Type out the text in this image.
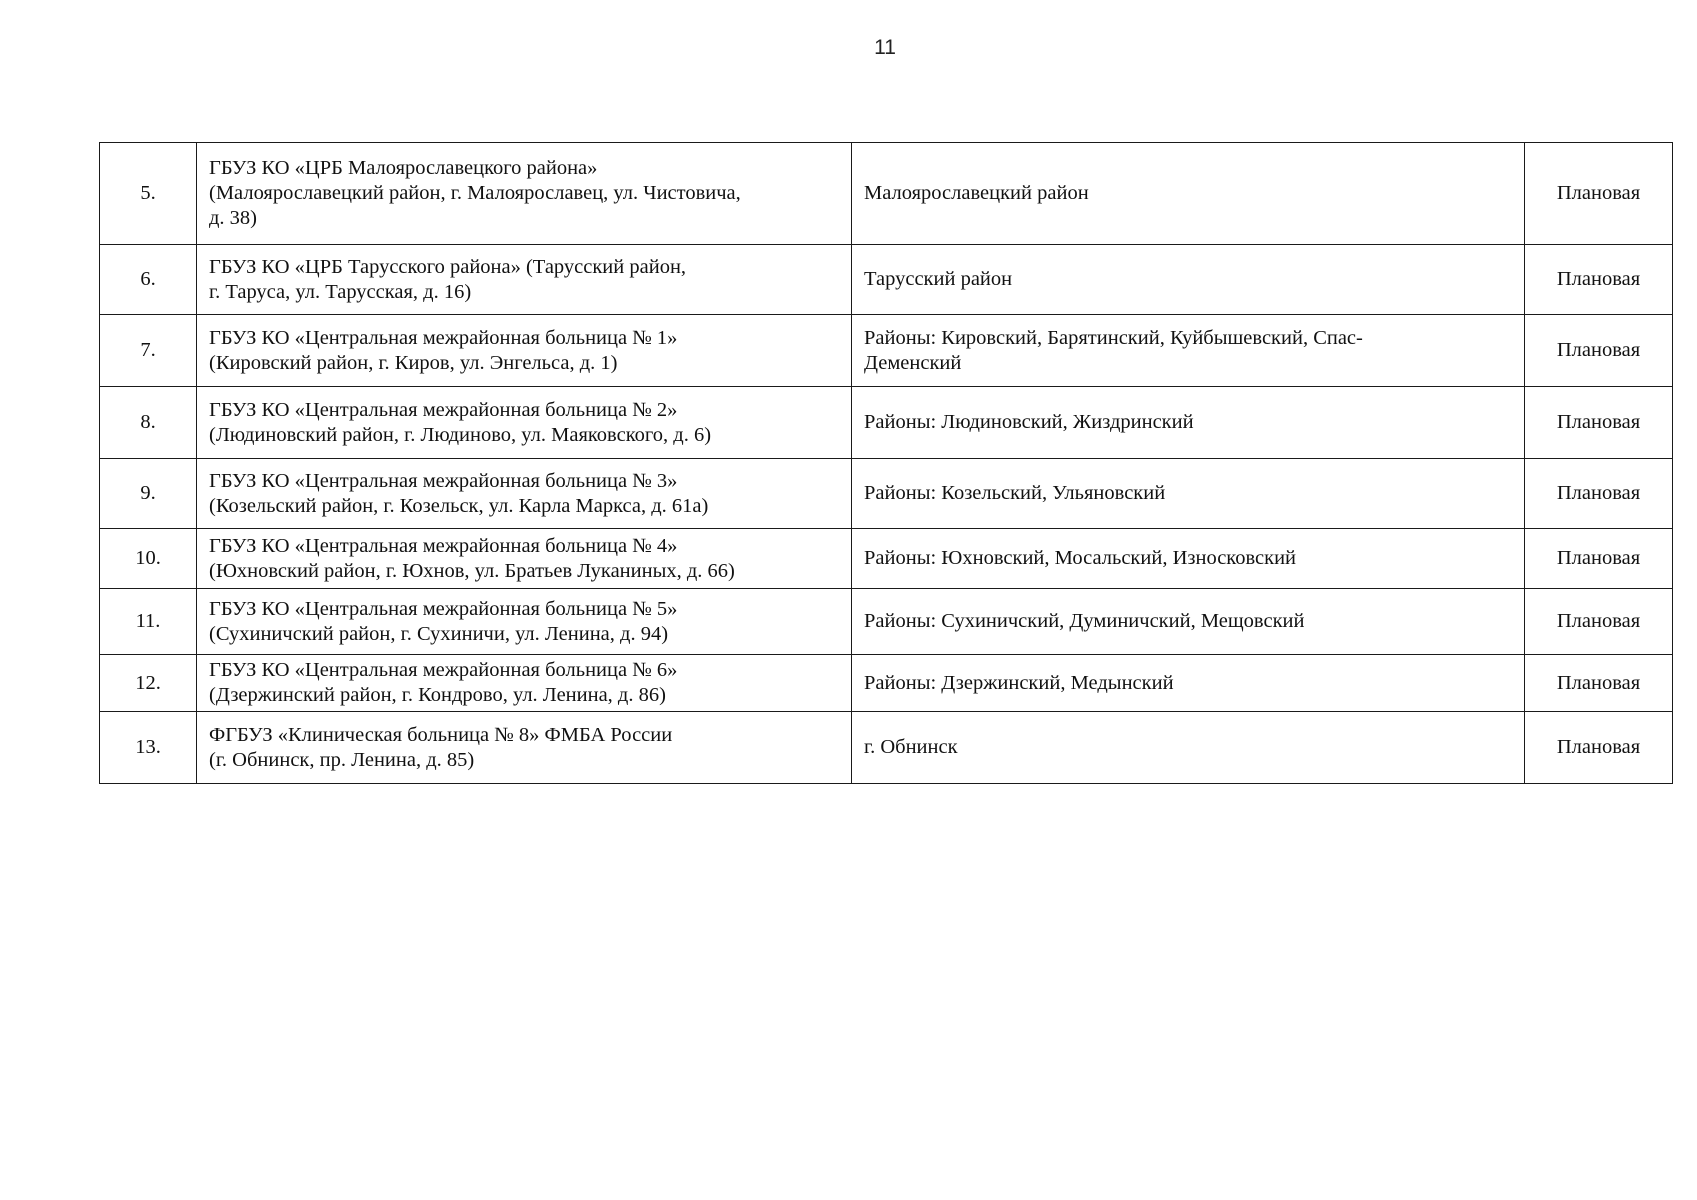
11
5.	ГБУЗ КО «ЦРБ Малоярославецкого района»
(Малоярославецкий район, г. Малоярославец, ул. Чистовича,
д. 38)	Малоярославецкий район	Плановая
6.	ГБУЗ КО «ЦРБ Тарусского района» (Тарусский район,
г. Таруса, ул. Тарусская, д. 16)	Тарусский район	Плановая
7.	ГБУЗ КО «Центральная межрайонная больница № 1»
(Кировский район, г. Киров, ул. Энгельса, д. 1)	Районы: Кировский, Барятинский, Куйбышевский, Спас-
Деменский	Плановая
8.	ГБУЗ КО «Центральная межрайонная больница № 2»
(Людиновский район, г. Людиново, ул. Маяковского, д. 6)	Районы: Людиновский, Жиздринский	Плановая
9.	ГБУЗ КО «Центральная межрайонная больница № 3»
(Козельский район, г. Козельск, ул. Карла Маркса, д. 61а)	Районы: Козельский, Ульяновский	Плановая
10.	ГБУЗ КО «Центральная межрайонная больница № 4»
(Юхновский район, г. Юхнов, ул. Братьев Луканиных, д. 66)	Районы: Юхновский, Мосальский, Износковский	Плановая
11.	ГБУЗ КО «Центральная межрайонная больница № 5»
(Сухиничский район, г. Сухиничи, ул. Ленина, д. 94)	Районы: Сухиничский, Думиничский, Мещовский	Плановая
12.	ГБУЗ КО «Центральная межрайонная больница № 6»
(Дзержинский район, г. Кондрово, ул. Ленина, д. 86)	Районы: Дзержинский, Медынский	Плановая
13.	ФГБУЗ «Клиническая больница № 8» ФМБА России
(г. Обнинск, пр. Ленина, д. 85)	г. Обнинск	Плановая
